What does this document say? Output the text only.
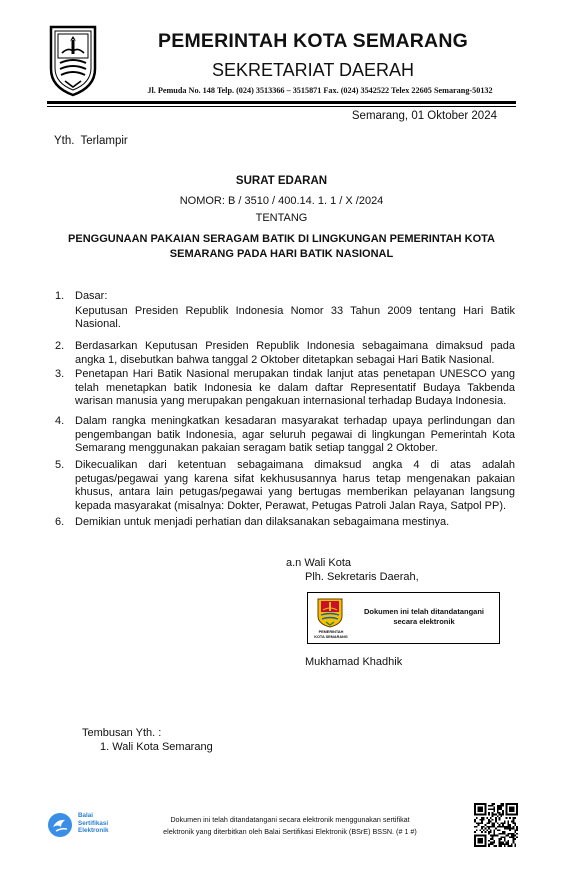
PEMERINTAH KOTA SEMARANG
SEKRETARIAT DAERAH
Jl. Pemuda No. 148 Telp. (024) 3513366 – 3515871 Fax. (024) 3542522 Telex 22605 Semarang-50132
Semarang, 01 Oktober 2024
Yth. Terlampir
SURAT EDARAN
NOMOR: B / 3510 / 400.14. 1. 1 / X /2024
TENTANG
PENGGUNAAN PAKAIAN SERAGAM BATIK DI LINGKUNGAN PEMERINTAH KOTA
SEMARANG PADA HARI BATIK NASIONAL
1. Dasar:
Keputusan Presiden Republik Indonesia Nomor 33 Tahun 2009 tentang Hari Batik Nasional.
2. Berdasarkan Keputusan Presiden Republik Indonesia sebagaimana dimaksud pada angka 1, disebutkan bahwa tanggal 2 Oktober ditetapkan sebagai Hari Batik Nasional.
3. Penetapan Hari Batik Nasional merupakan tindak lanjut atas penetapan UNESCO yang telah menetapkan batik Indonesia ke dalam daftar Representatif Budaya Takbenda warisan manusia yang merupakan pengakuan internasional terhadap Budaya Indonesia.
4. Dalam rangka meningkatkan kesadaran masyarakat terhadap upaya perlindungan dan pengembangan batik Indonesia, agar seluruh pegawai di lingkungan Pemerintah Kota Semarang menggunakan pakaian seragam batik setiap tanggal 2 Oktober.
5. Dikecualikan dari ketentuan sebagaimana dimaksud angka 4 di atas adalah petugas/pegawai yang karena sifat kekhususannya harus tetap mengenakan pakaian khusus, antara lain petugas/pegawai yang bertugas memberikan pelayanan langsung kepada masyarakat (misalnya: Dokter, Perawat, Petugas Patroli Jalan Raya, Satpol PP).
6. Demikian untuk menjadi perhatian dan dilaksanakan sebagaimana mestinya.
a.n Wali Kota
Plh. Sekretaris Daerah,
PEMERINTAH
KOTA SEMARANG
Dokumen ini telah ditandatangani secara elektronik
Mukhamad Khadhik
Tembusan Yth. :
1. Wali Kota Semarang
Balai
Sertifikasi
Elektronik
Dokumen ini telah ditandatangani secara elektronik menggunakan sertifikat
elektronik yang diterbitkan oleh Balai Sertifikasi Elektronik (BSrE) BSSN. (# 1 #)
